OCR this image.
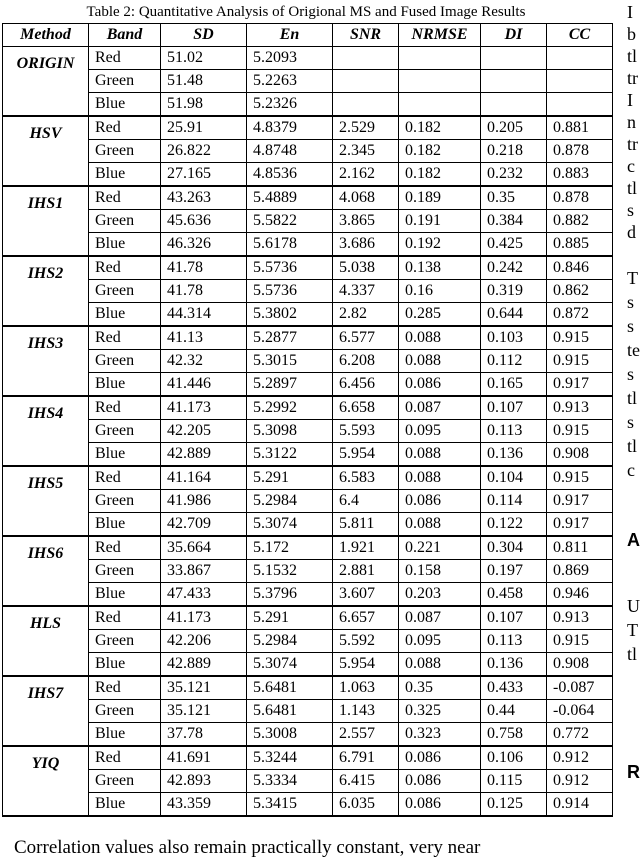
Table 2: Quantitative Analysis of Origional MS and Fused Image Results
Method	Band	SD	En	SNR	NRMSE	DI	CC
ORIGIN	Red	51.02	5.2093				
	Green	51.48	5.2263				
	Blue	51.98	5.2326				
HSV	Red	25.91	4.8379	2.529	0.182	0.205	0.881
	Green	26.822	4.8748	2.345	0.182	0.218	0.878
	Blue	27.165	4.8536	2.162	0.182	0.232	0.883
IHS1	Red	43.263	5.4889	4.068	0.189	0.35	0.878
	Green	45.636	5.5822	3.865	0.191	0.384	0.882
	Blue	46.326	5.6178	3.686	0.192	0.425	0.885
IHS2	Red	41.78	5.5736	5.038	0.138	0.242	0.846
	Green	41.78	5.5736	4.337	0.16	0.319	0.862
	Blue	44.314	5.3802	2.82	0.285	0.644	0.872
IHS3	Red	41.13	5.2877	6.577	0.088	0.103	0.915
	Green	42.32	5.3015	6.208	0.088	0.112	0.915
	Blue	41.446	5.2897	6.456	0.086	0.165	0.917
IHS4	Red	41.173	5.2992	6.658	0.087	0.107	0.913
	Green	42.205	5.3098	5.593	0.095	0.113	0.915
	Blue	42.889	5.3122	5.954	0.088	0.136	0.908
IHS5	Red	41.164	5.291	6.583	0.088	0.104	0.915
	Green	41.986	5.2984	6.4	0.086	0.114	0.917
	Blue	42.709	5.3074	5.811	0.088	0.122	0.917
IHS6	Red	35.664	5.172	1.921	0.221	0.304	0.811
	Green	33.867	5.1532	2.881	0.158	0.197	0.869
	Blue	47.433	5.3796	3.607	0.203	0.458	0.946
HLS	Red	41.173	5.291	6.657	0.087	0.107	0.913
	Green	42.206	5.2984	5.592	0.095	0.113	0.915
	Blue	42.889	5.3074	5.954	0.088	0.136	0.908
IHS7	Red	35.121	5.6481	1.063	0.35	0.433	-0.087
	Green	35.121	5.6481	1.143	0.325	0.44	-0.064
	Blue	37.78	5.3008	2.557	0.323	0.758	0.772
YIQ	Red	41.691	5.3244	6.791	0.086	0.106	0.912
	Green	42.893	5.3334	6.415	0.086	0.115	0.912
	Blue	43.359	5.3415	6.035	0.086	0.125	0.914
Correlation values also remain practically constant, very near
I
b
tl
tr
I
n
tr
c
tl
s
d
T
s
s
te
s
tl
s
tl
c
A
U
T
tl
R
